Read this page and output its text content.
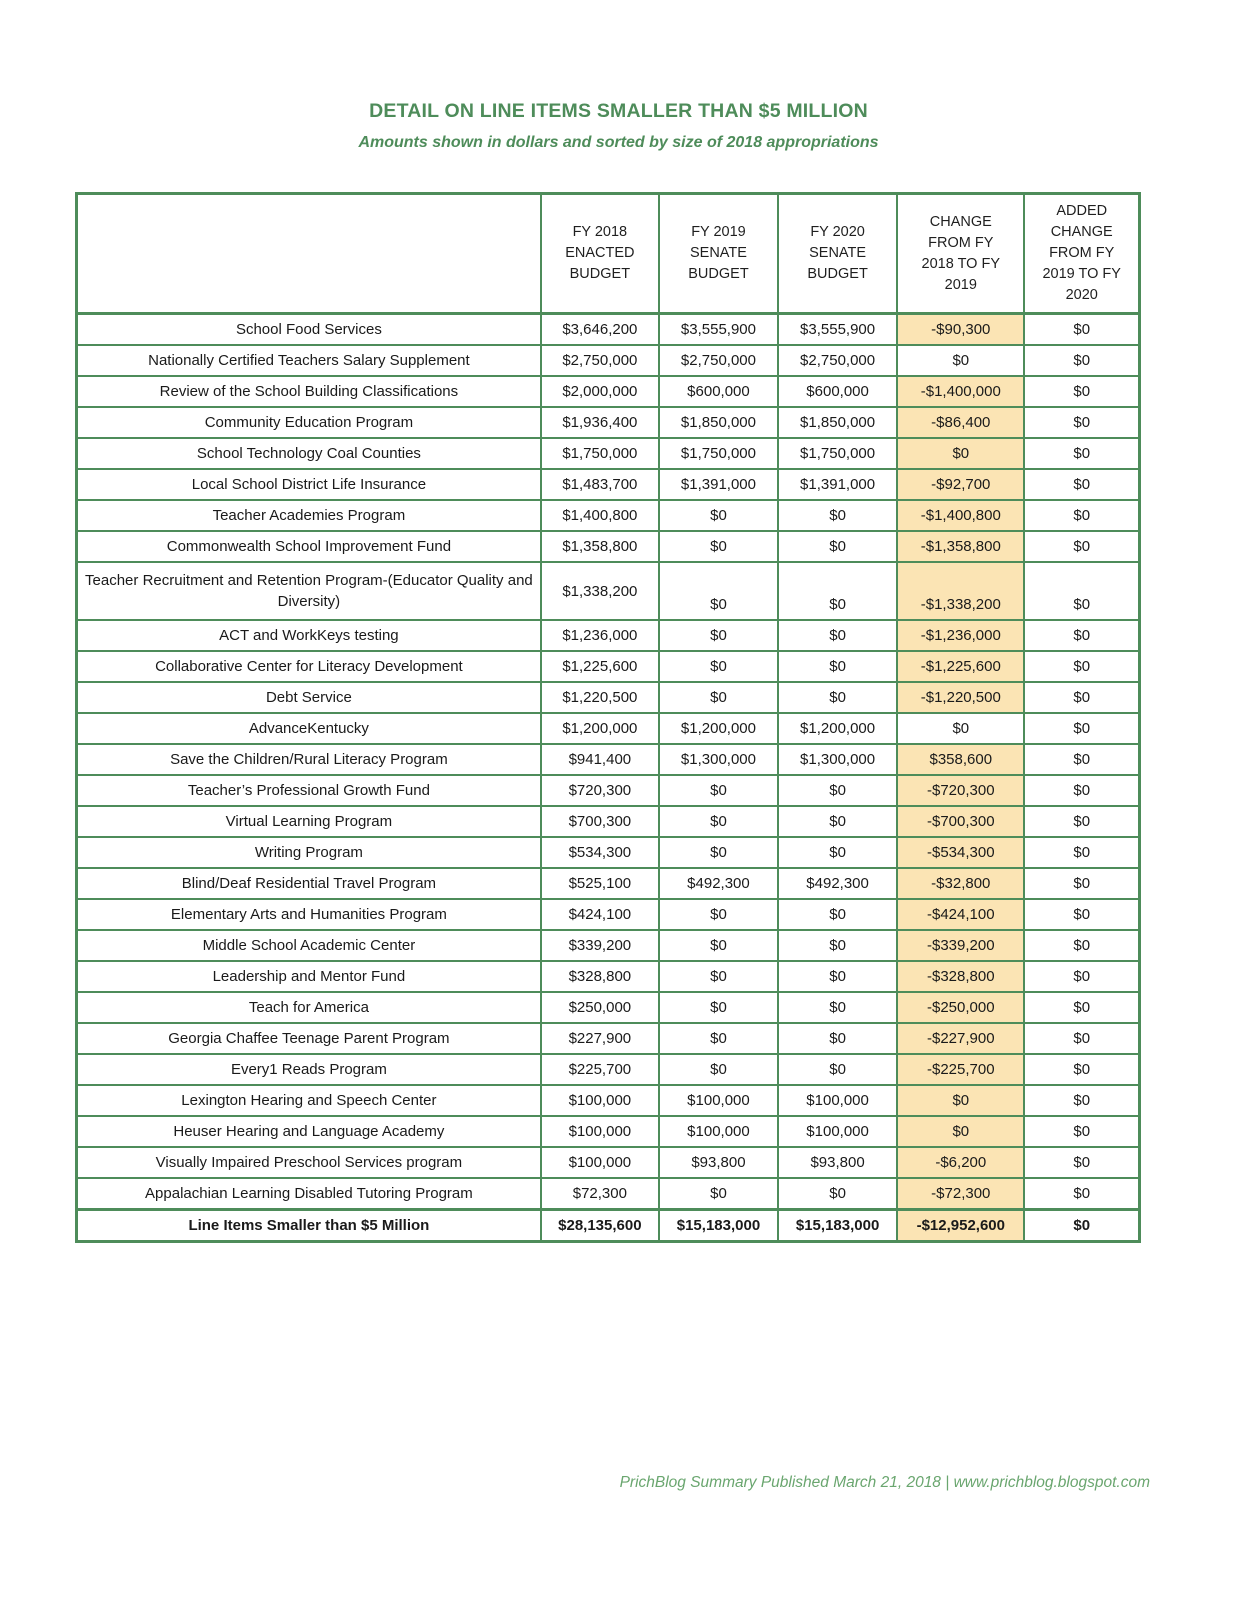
DETAIL ON LINE ITEMS SMALLER THAN $5 MILLION
Amounts shown in dollars and sorted by size of 2018 appropriations
	FY 2018 ENACTED BUDGET	FY 2019 SENATE BUDGET	FY 2020 SENATE BUDGET	CHANGE FROM FY 2018 TO FY 2019	ADDED CHANGE FROM FY 2019 TO FY 2020
School Food Services	$3,646,200	$3,555,900	$3,555,900	-$90,300	$0
Nationally Certified Teachers Salary Supplement	$2,750,000	$2,750,000	$2,750,000	$0	$0
Review of the School Building Classifications	$2,000,000	$600,000	$600,000	-$1,400,000	$0
Community Education Program	$1,936,400	$1,850,000	$1,850,000	-$86,400	$0
School Technology Coal Counties	$1,750,000	$1,750,000	$1,750,000	$0	$0
Local School District Life Insurance	$1,483,700	$1,391,000	$1,391,000	-$92,700	$0
Teacher Academies Program	$1,400,800	$0	$0	-$1,400,800	$0
Commonwealth School Improvement Fund	$1,358,800	$0	$0	-$1,358,800	$0
Teacher Recruitment and Retention Program-(Educator Quality and Diversity)	$1,338,200	$0	$0	-$1,338,200	$0
ACT and WorkKeys testing	$1,236,000	$0	$0	-$1,236,000	$0
Collaborative Center for Literacy Development	$1,225,600	$0	$0	-$1,225,600	$0
Debt Service	$1,220,500	$0	$0	-$1,220,500	$0
AdvanceKentucky	$1,200,000	$1,200,000	$1,200,000	$0	$0
Save the Children/Rural Literacy Program	$941,400	$1,300,000	$1,300,000	$358,600	$0
Teacher’s Professional Growth Fund	$720,300	$0	$0	-$720,300	$0
Virtual Learning Program	$700,300	$0	$0	-$700,300	$0
Writing Program	$534,300	$0	$0	-$534,300	$0
Blind/Deaf Residential Travel Program	$525,100	$492,300	$492,300	-$32,800	$0
Elementary Arts and Humanities Program	$424,100	$0	$0	-$424,100	$0
Middle School Academic Center	$339,200	$0	$0	-$339,200	$0
Leadership and Mentor Fund	$328,800	$0	$0	-$328,800	$0
Teach for America	$250,000	$0	$0	-$250,000	$0
Georgia Chaffee Teenage Parent Program	$227,900	$0	$0	-$227,900	$0
Every1 Reads Program	$225,700	$0	$0	-$225,700	$0
Lexington Hearing and Speech Center	$100,000	$100,000	$100,000	$0	$0
Heuser Hearing and Language Academy	$100,000	$100,000	$100,000	$0	$0
Visually Impaired Preschool Services program	$100,000	$93,800	$93,800	-$6,200	$0
Appalachian Learning Disabled Tutoring Program	$72,300	$0	$0	-$72,300	$0
Line Items Smaller than $5 Million	$28,135,600	$15,183,000	$15,183,000	-$12,952,600	$0
PrichBlog Summary Published March 21, 2018 | www.prichblog.blogspot.com
